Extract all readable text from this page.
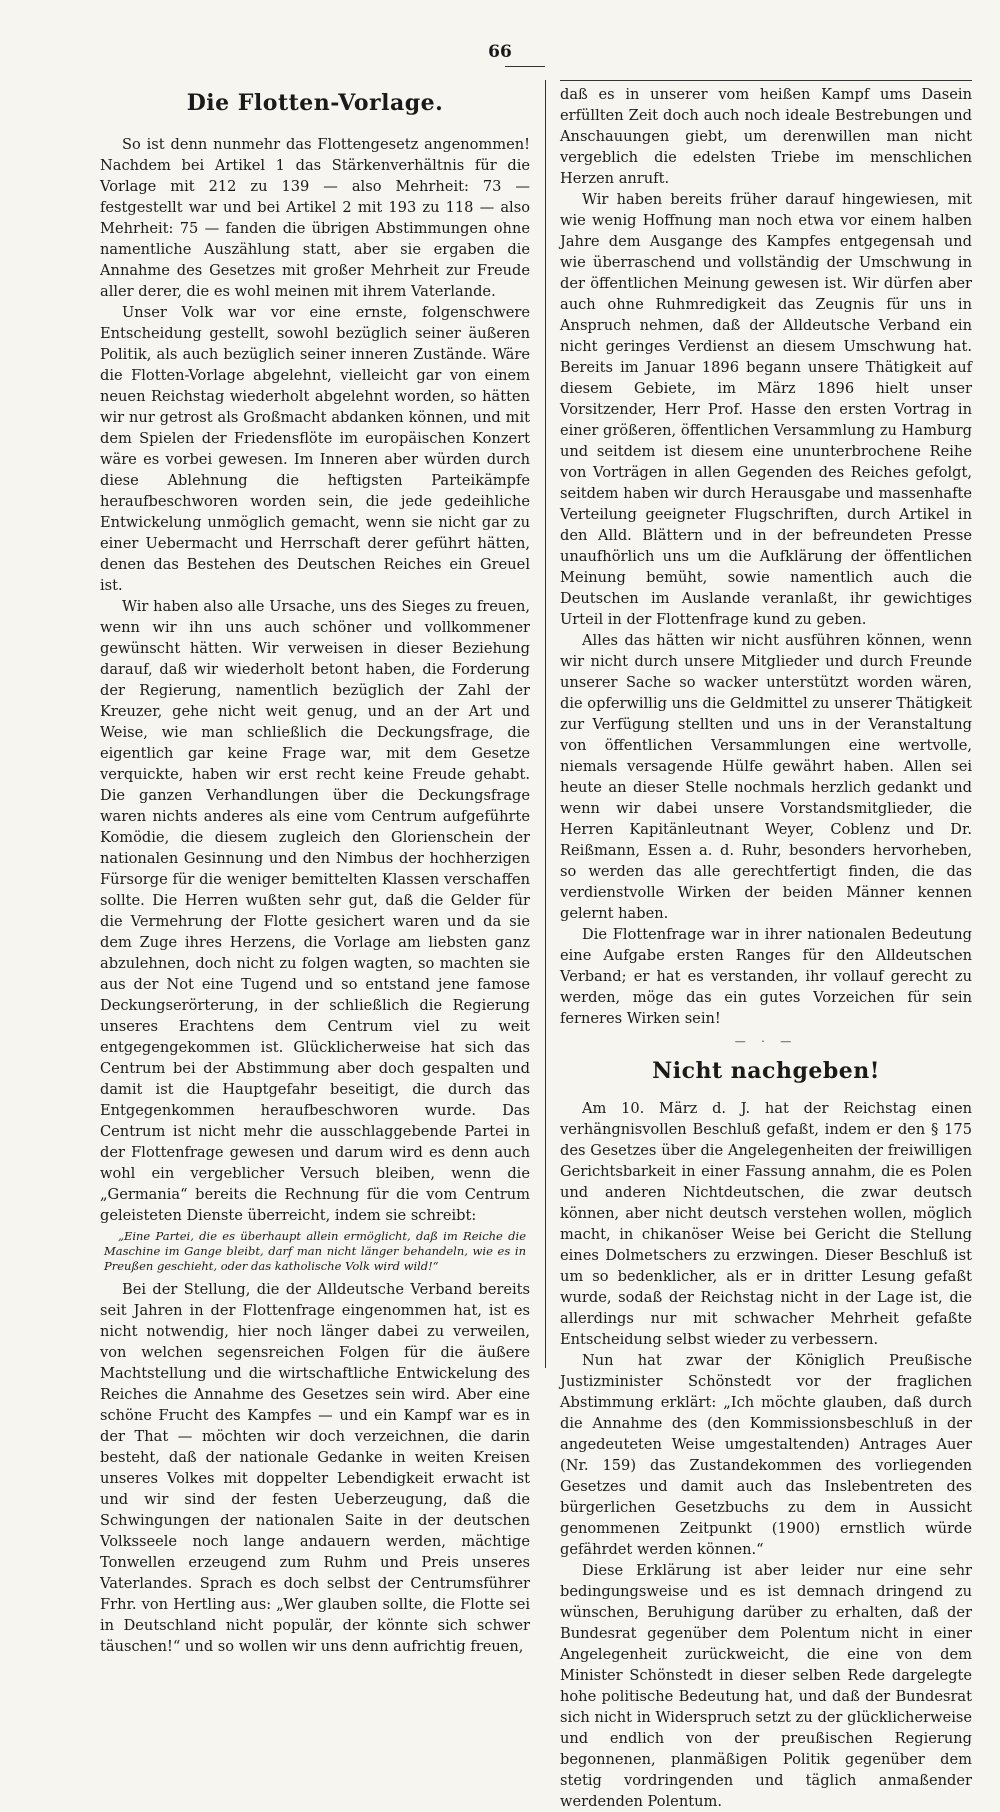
66
Die Flotten-Vorlage.

So ist denn nunmehr das Flottengesetz angenommen! Nachdem bei Artikel 1 das Stärkenverhältnis für die Vorlage mit 212 zu 139 — also Mehrheit: 73 — festgestellt war und bei Artikel 2 mit 193 zu 118 — also Mehrheit: 75 — fanden die übrigen Abstimmungen ohne namentliche Auszählung statt, aber sie ergaben die Annahme des Gesetzes mit großer Mehrheit zur Freude aller derer, die es wohl meinen mit ihrem Vaterlande.

Unser Volk war vor eine ernste, folgenschwere Entscheidung gestellt, sowohl bezüglich seiner äußeren Politik, als auch bezüglich seiner inneren Zustände. Wäre die Flotten-Vorlage abgelehnt, vielleicht gar von einem neuen Reichstag wiederholt abgelehnt worden, so hätten wir nur getrost als Großmacht abdanken können, und mit dem Spielen der Friedensflöte im europäischen Konzert wäre es vorbei gewesen. Im Inneren aber würden durch diese Ablehnung die heftigsten Parteikämpfe heraufbeschworen worden sein, die jede gedeihliche Entwickelung unmöglich gemacht, wenn sie nicht gar zu einer Uebermacht und Herrschaft derer geführt hätten, denen das Bestehen des Deutschen Reiches ein Greuel ist.

Wir haben also alle Ursache, uns des Sieges zu freuen, wenn wir ihn uns auch schöner und vollkommener gewünscht hätten. Wir verweisen in dieser Beziehung darauf, daß wir wiederholt betont haben, die Forderung der Regierung, namentlich bezüglich der Zahl der Kreuzer, gehe nicht weit genug, und an der Art und Weise, wie man schließlich die Deckungsfrage, die eigentlich gar keine Frage war, mit dem Gesetze verquickte, haben wir erst recht keine Freude gehabt. Die ganzen Verhandlungen über die Deckungsfrage waren nichts anderes als eine vom Centrum aufgeführte Komödie, die diesem zugleich den Glorienschein der nationalen Gesinnung und den Nimbus der hochherzigen Fürsorge für die weniger bemittelten Klassen verschaffen sollte. Die Herren wußten sehr gut, daß die Gelder für die Vermehrung der Flotte gesichert waren und da sie dem Zuge ihres Herzens, die Vorlage am liebsten ganz abzulehnen, doch nicht zu folgen wagten, so machten sie aus der Not eine Tugend und so entstand jene famose Deckungserörterung, in der schließlich die Regierung unseres Erachtens dem Centrum viel zu weit entgegengekommen ist. Glücklicherweise hat sich das Centrum bei der Abstimmung aber doch gespalten und damit ist die Hauptgefahr beseitigt, die durch das Entgegenkommen heraufbeschworen wurde. Das Centrum ist nicht mehr die ausschlaggebende Partei in der Flottenfrage gewesen und darum wird es denn auch wohl ein vergeblicher Versuch bleiben, wenn die „Germania“ bereits die Rechnung für die vom Centrum geleisteten Dienste überreicht, indem sie schreibt:

„Eine Partei, die es überhaupt allein ermöglicht, daß im Reiche die Maschine im Gange bleibt, darf man nicht länger behandeln, wie es in Preußen geschieht, oder das katholische Volk wird wild!“

Bei der Stellung, die der Alldeutsche Verband bereits seit Jahren in der Flottenfrage eingenommen hat, ist es nicht notwendig, hier noch länger dabei zu verweilen, von welchen segensreichen Folgen für die äußere Machtstellung und die wirtschaftliche Entwickelung des Reiches die Annahme des Gesetzes sein wird. Aber eine schöne Frucht des Kampfes — und ein Kampf war es in der That — möchten wir doch verzeichnen, die darin besteht, daß der nationale Gedanke in weiten Kreisen unseres Volkes mit doppelter Lebendigkeit erwacht ist und wir sind der festen Ueberzeugung, daß die Schwingungen der nationalen Saite in der deutschen Volksseele noch lange andauern werden, mächtige Tonwellen erzeugend zum Ruhm und Preis unseres Vaterlandes. Sprach es doch selbst der Centrumsführer Frhr. von Hertling aus: „Wer glauben sollte, die Flotte sei in Deutschland nicht populär, der könnte sich schwer täuschen!“ und so wollen wir uns denn aufrichtig freuen,

daß es in unserer vom heißen Kampf ums Dasein erfüllten Zeit doch auch noch ideale Bestrebungen und Anschauungen giebt, um derenwillen man nicht vergeblich die edelsten Triebe im menschlichen Herzen anruft.

Wir haben bereits früher darauf hingewiesen, mit wie wenig Hoffnung man noch etwa vor einem halben Jahre dem Ausgange des Kampfes entgegensah und wie überraschend und vollständig der Umschwung in der öffentlichen Meinung gewesen ist. Wir dürfen aber auch ohne Ruhmredigkeit das Zeugnis für uns in Anspruch nehmen, daß der Alldeutsche Verband ein nicht geringes Verdienst an diesem Umschwung hat. Bereits im Januar 1896 begann unsere Thätigkeit auf diesem Gebiete, im März 1896 hielt unser Vorsitzender, Herr Prof. Hasse den ersten Vortrag in einer größeren, öffentlichen Versammlung zu Hamburg und seitdem ist diesem eine ununterbrochene Reihe von Vorträgen in allen Gegenden des Reiches gefolgt, seitdem haben wir durch Herausgabe und massenhafte Verteilung geeigneter Flugschriften, durch Artikel in den Alld. Blättern und in der befreundeten Presse unaufhörlich uns um die Aufklärung der öffentlichen Meinung bemüht, sowie namentlich auch die Deutschen im Auslande veranlaßt, ihr gewichtiges Urteil in der Flottenfrage kund zu geben.

Alles das hätten wir nicht ausführen können, wenn wir nicht durch unsere Mitglieder und durch Freunde unserer Sache so wacker unterstützt worden wären, die opferwillig uns die Geldmittel zu unserer Thätigkeit zur Verfügung stellten und uns in der Veranstaltung von öffentlichen Versammlungen eine wertvolle, niemals versagende Hülfe gewährt haben. Allen sei heute an dieser Stelle nochmals herzlich gedankt und wenn wir dabei unsere Vorstandsmitglieder, die Herren Kapitänleutnant Weyer, Coblenz und Dr. Reißmann, Essen a. d. Ruhr, besonders hervorheben, so werden das alle gerechtfertigt finden, die das verdienstvolle Wirken der beiden Männer kennen gelernt haben.

Die Flottenfrage war in ihrer nationalen Bedeutung eine Aufgabe ersten Ranges für den Alldeutschen Verband; er hat es verstanden, ihr vollauf gerecht zu werden, möge das ein gutes Vorzeichen für sein ferneres Wirken sein!

— · —
Nicht nachgeben!

Am 10. März d. J. hat der Reichstag einen verhängnisvollen Beschluß gefaßt, indem er den § 175 des Gesetzes über die Angelegenheiten der freiwilligen Gerichtsbarkeit in einer Fassung annahm, die es Polen und anderen Nichtdeutschen, die zwar deutsch können, aber nicht deutsch verstehen wollen, möglich macht, in chikanöser Weise bei Gericht die Stellung eines Dolmetschers zu erzwingen. Dieser Beschluß ist um so bedenklicher, als er in dritter Lesung gefaßt wurde, sodaß der Reichstag nicht in der Lage ist, die allerdings nur mit schwacher Mehrheit gefaßte Entscheidung selbst wieder zu verbessern.

Nun hat zwar der Königlich Preußische Justizminister Schönstedt vor der fraglichen Abstimmung erklärt: „Ich möchte glauben, daß durch die Annahme des (den Kommissionsbeschluß in der angedeuteten Weise umgestaltenden) Antrages Auer (Nr. 159) das Zustandekommen des vorliegenden Gesetzes und damit auch das Inslebentreten des bürgerlichen Gesetzbuchs zu dem in Aussicht genommenen Zeitpunkt (1900) ernstlich würde gefährdet werden können.“

Diese Erklärung ist aber leider nur eine sehr bedingungsweise und es ist demnach dringend zu wünschen, Beruhigung darüber zu erhalten, daß der Bundesrat gegenüber dem Polentum nicht in einer Angelegenheit zurückweicht, die eine von dem Minister Schönstedt in dieser selben Rede dargelegte hohe politische Bedeutung hat, und daß der Bundesrat sich nicht in Widerspruch setzt zu der glücklicherweise und endlich von der preußischen Regierung begonnenen, planmäßigen Politik gegenüber dem stetig vordringenden und täglich anmaßender werdenden Polentum.
